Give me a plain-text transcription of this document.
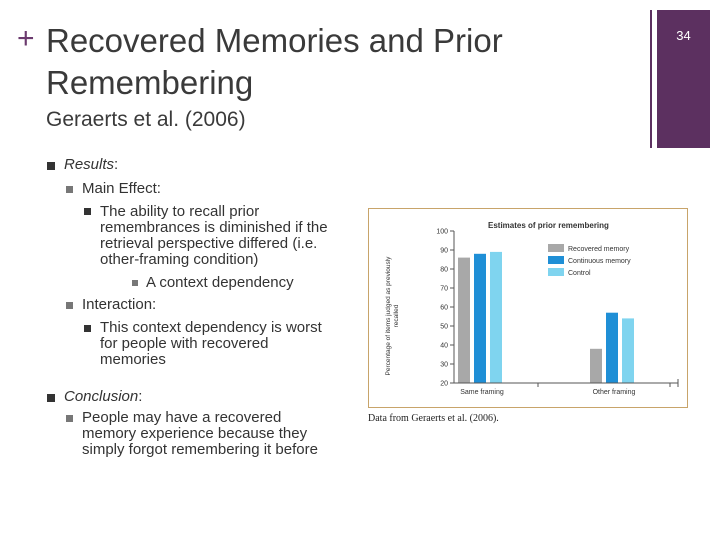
+ Recovered Memories and Prior
Remembering
34
Geraerts et al. (2006)
Results:
Main Effect:
The ability to recall prior
remembrances is diminished if the
retrieval perspective differed (i.e.
other-framing condition)
A context dependency
Interaction:
This context dependency is worst
for people with recovered
memories
Conclusion:
People may have a recovered
memory experience because they
simply forgot remembering it before
Estimates of prior remembering
Percentage of items judged as previously recalled
20
30
40
50
60
70
80
90
100
Same framing	Other framing
Recovered memory
Continuous memory
Control
Data from Geraerts et al. (2006).
